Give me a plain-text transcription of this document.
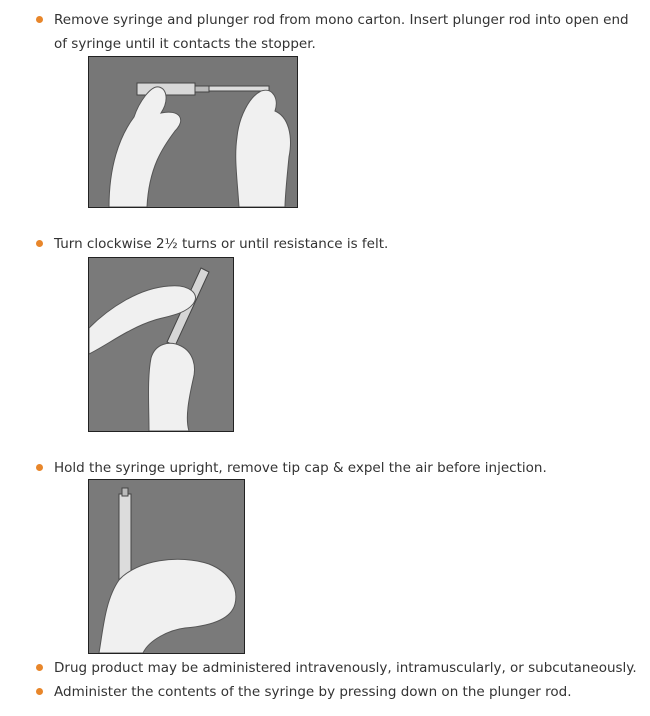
Remove syringe and plunger rod from mono carton. Insert plunger rod into open end of syringe until it contacts the stopper.
Turn clockwise 2½ turns or until resistance is felt.
Hold the syringe upright, remove tip cap & expel the air before injection.
Drug product may be administered intravenously, intramuscularly, or subcutaneously.
Administer the contents of the syringe by pressing down on the plunger rod.
